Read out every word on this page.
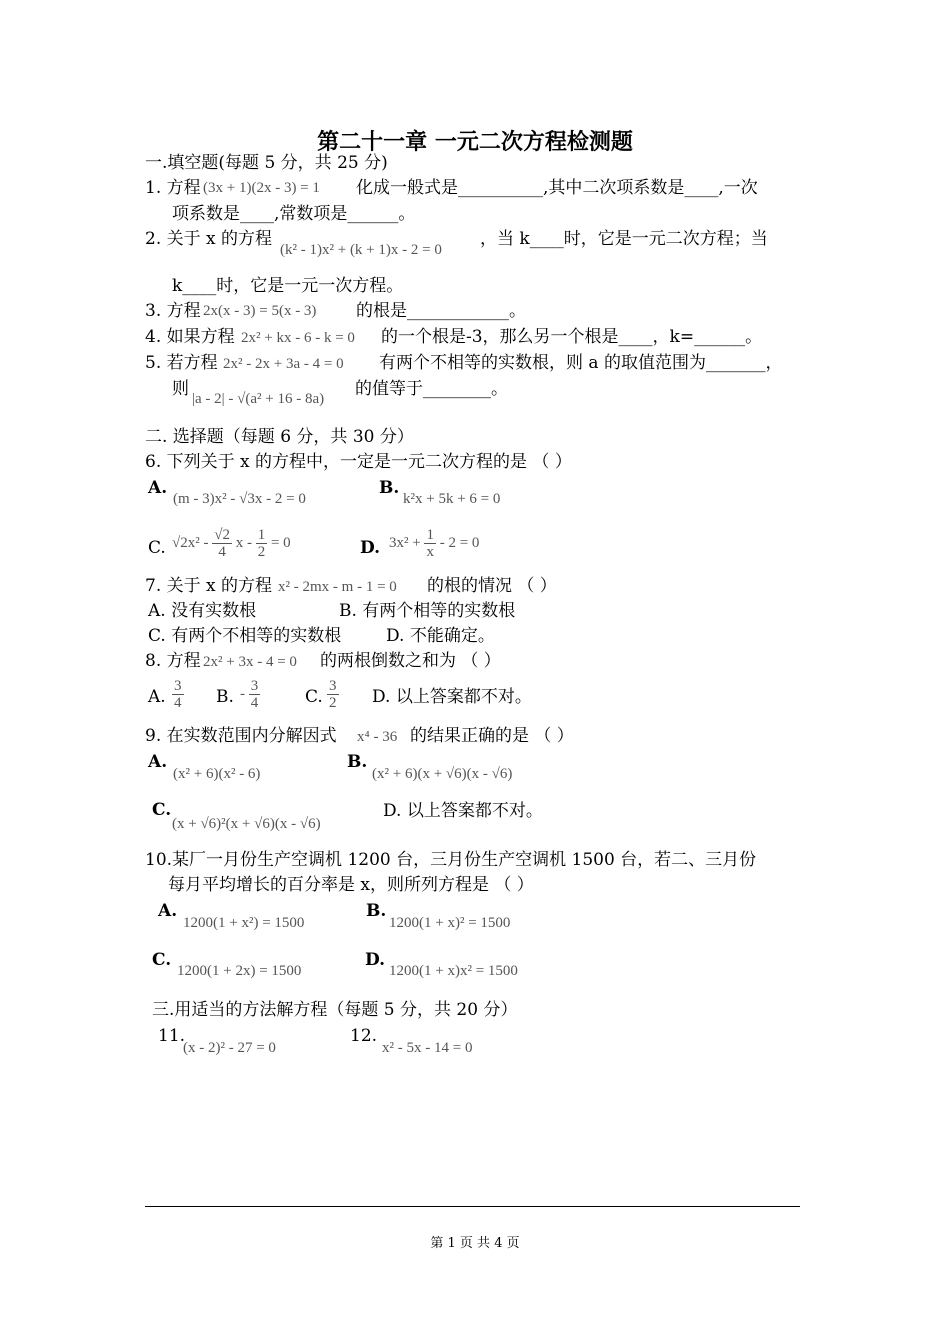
第二十一章 一元二次方程检测题
一.填空题(每题 5 分，共 25 分)
1. 方程 (3x + 1)(2x - 3) = 1 化成一般式是__________,其中二次项系数是____,一次
项系数是____,常数项是______。
2. 关于 x 的方程
(k² - 1)x² + (k + 1)x - 2 = 0
，当 k____时，它是一元二次方程；当
k____时，它是一元一次方程。
3. 方程 2x(x - 3) = 5(x - 3) 的根是____________。
4. 如果方程 2x² + kx - 6 - k = 0 的一个根是-3，那么另一个根是____，k=______。
5. 若方程 2x² - 2x + 3a - 4 = 0 有两个不相等的实数根，则 a 的取值范围为_______，
则 |a - 2| - √(a² + 16 - 8a) 的值等于________。
二. 选择题（每题 6 分，共 30 分）
6. 下列关于 x 的方程中，一定是一元二次方程的是 （ ）
A.
(m - 3)x² - √3x - 2 = 0
B.
k²x + 5k + 6 = 0
C. $√2x^2 - \frac{√2}{4}$ $x - \frac{1}{2} = 0$	D. $3x^2 + \frac{1}{x} - 2 = 0$
7. 关于 x 的方程 x² - 2mx - m - 1 = 0 的根的情况 （ ）
A. 没有实数根	B. 有两个相等的实数根
C. 有两个不相等的实数根	D. 不能确定。
8. 方程 2x² + 3x - 4 = 0 的两根倒数之和为 （ ）
A. $\frac{3}{4} B$. - $\frac{3}{4}$	C. $\frac{3}{2} D$. 以上答案都不对。
9. 在实数范围内分解因式 x⁴ - 36 的结果正确的是 （ ）
A.
(x² + 6)(x² - 6)
B.
(x² + 6)(x + √6)(x - √6)
C.
(x + √6)²(x + √6)(x - √6)
D. 以上答案都不对。
10.某厂一月份生产空调机 1200 台，三月份生产空调机 1500 台，若二、三月份
每月平均增长的百分率是 x，则所列方程是 （ ）
A.
1200(1 + x²) = 1500
B.
1200(1 + x)² = 1500
C.
1200(1 + 2x) = 1500
D.
1200(1 + x)x² = 1500
三.用适当的方法解方程（每题 5 分，共 20 分）
11.
(x - 2)² - 27 = 0
12.
x² - 5x - 14 = 0
第 1 页 共 4 页
